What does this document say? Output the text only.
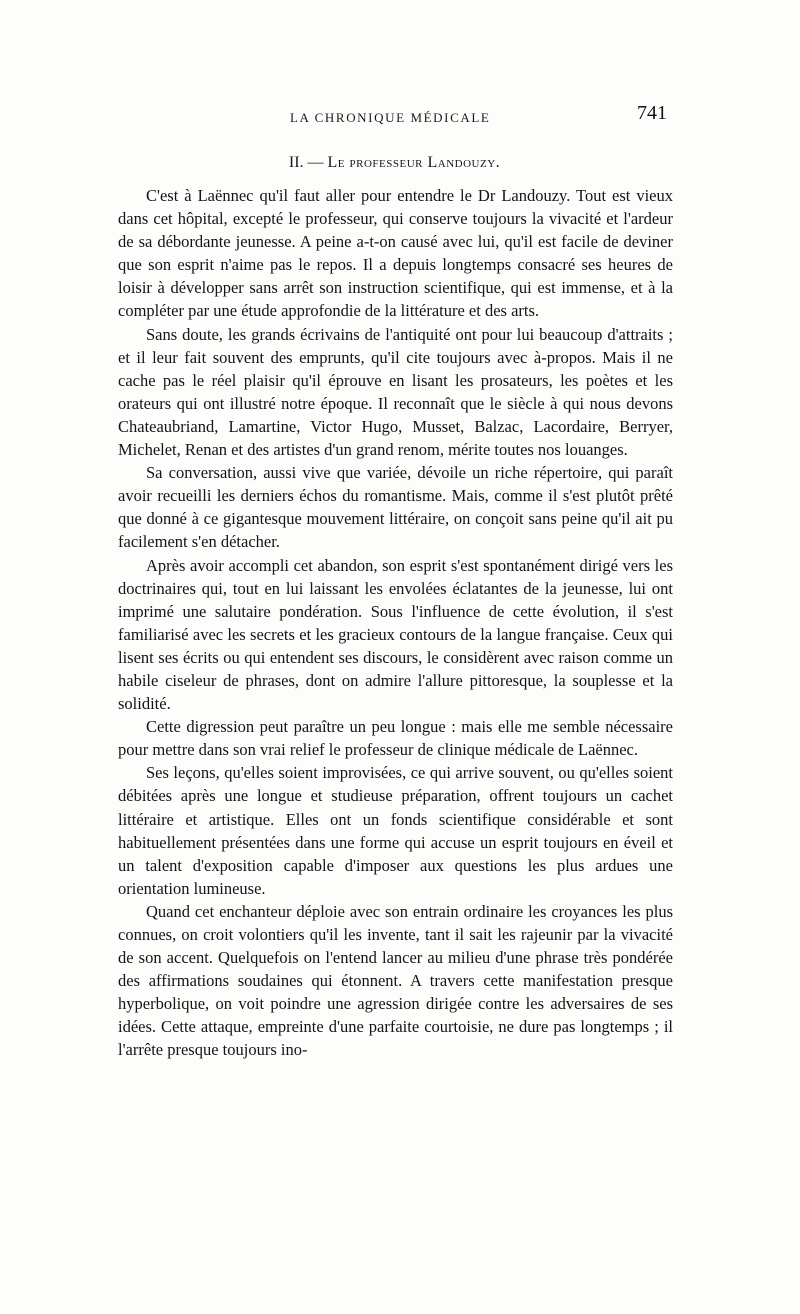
LA CHRONIQUE MÉDICALE	741
II. — Le professeur Landouzy.

C'est à Laënnec qu'il faut aller pour entendre le Dr Landouzy. Tout est vieux dans cet hôpital, excepté le professeur, qui conserve toujours la vivacité et l'ardeur de sa débordante jeunesse. A peine a-t-on causé avec lui, qu'il est facile de deviner que son esprit n'aime pas le repos. Il a depuis longtemps consacré ses heures de loisir à développer sans arrêt son instruction scientifique, qui est immense, et à la compléter par une étude approfondie de la littérature et des arts.

Sans doute, les grands écrivains de l'antiquité ont pour lui beaucoup d'attraits ; et il leur fait souvent des emprunts, qu'il cite toujours avec à-propos. Mais il ne cache pas le réel plaisir qu'il éprouve en lisant les prosateurs, les poètes et les orateurs qui ont illustré notre époque. Il reconnaît que le siècle à qui nous devons Chateaubriand, Lamartine, Victor Hugo, Musset, Balzac, Lacordaire, Berryer, Michelet, Renan et des artistes d'un grand renom, mérite toutes nos louanges.

Sa conversation, aussi vive que variée, dévoile un riche répertoire, qui paraît avoir recueilli les derniers échos du romantisme. Mais, comme il s'est plutôt prêté que donné à ce gigantesque mouvement littéraire, on conçoit sans peine qu'il ait pu facilement s'en détacher.

Après avoir accompli cet abandon, son esprit s'est spontanément dirigé vers les doctrinaires qui, tout en lui laissant les envolées éclatantes de la jeunesse, lui ont imprimé une salutaire pondération. Sous l'influence de cette évolution, il s'est familiarisé avec les secrets et les gracieux contours de la langue française. Ceux qui lisent ses écrits ou qui entendent ses discours, le considèrent avec raison comme un habile ciseleur de phrases, dont on admire l'allure pittoresque, la souplesse et la solidité.

Cette digression peut paraître un peu longue : mais elle me semble nécessaire pour mettre dans son vrai relief le professeur de clinique médicale de Laënnec.

Ses leçons, qu'elles soient improvisées, ce qui arrive souvent, ou qu'elles soient débitées après une longue et studieuse préparation, offrent toujours un cachet littéraire et artistique. Elles ont un fonds scientifique considérable et sont habituellement présentées dans une forme qui accuse un esprit toujours en éveil et un talent d'exposition capable d'imposer aux questions les plus ardues une orientation lumineuse.

Quand cet enchanteur déploie avec son entrain ordinaire les croyances les plus connues, on croit volontiers qu'il les invente, tant il sait les rajeunir par la vivacité de son accent. Quelquefois on l'entend lancer au milieu d'une phrase très pondérée des affirmations soudaines qui étonnent. A travers cette manifestation presque hyperbolique, on voit poindre une agression dirigée contre les adversaires de ses idées. Cette attaque, empreinte d'une parfaite courtoisie, ne dure pas longtemps ; il l'arrête presque toujours ino-
